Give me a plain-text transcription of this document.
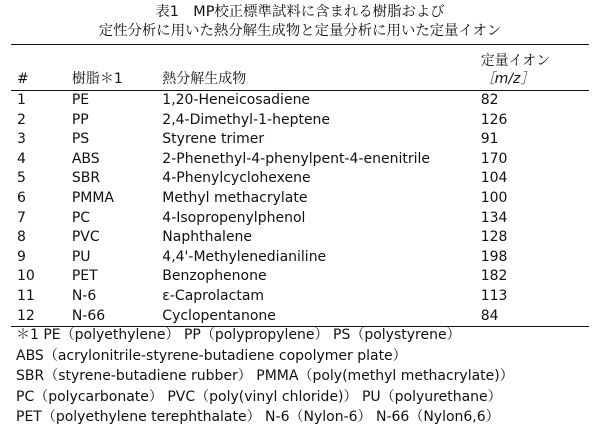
表1　MP校正標準試料に含まれる樹脂および
定性分析に用いた熱分解生成物と定量分析に用いた定量イオン
#	樹脂＊1	熱分解生成物	定量イオン
［m/z］

1	PE	1,20-Heneicosadiene	82
2	PP	2,4-Dimethyl-1-heptene	126
3	PS	Styrene trimer	91
4	ABS	2-Phenethyl-4-phenylpent-4-enenitrile	170
5	SBR	4-Phenylcyclohexene	104
6	PMMA	Methyl methacrylate	100
7	PC	4-Isopropenylphenol	134
8	PVC	Naphthalene	128
9	PU	4,4'-Methylenedianiline	198
10	PET	Benzophenone	182
11	N-6	ε-Caprolactam	113
12	N-66	Cyclopentanone	84
＊1 PE（polyethylene） PP（polypropylene） PS（polystyrene）
ABS（acrylonitrile-styrene-butadiene copolymer plate）
SBR（styrene-butadiene rubber） PMMA（poly(methyl methacrylate)）
PC（polycarbonate） PVC（poly(vinyl chloride)） PU（polyurethane）
PET（polyethylene terephthalate） N-6（Nylon-6） N-66（Nylon6,6）
